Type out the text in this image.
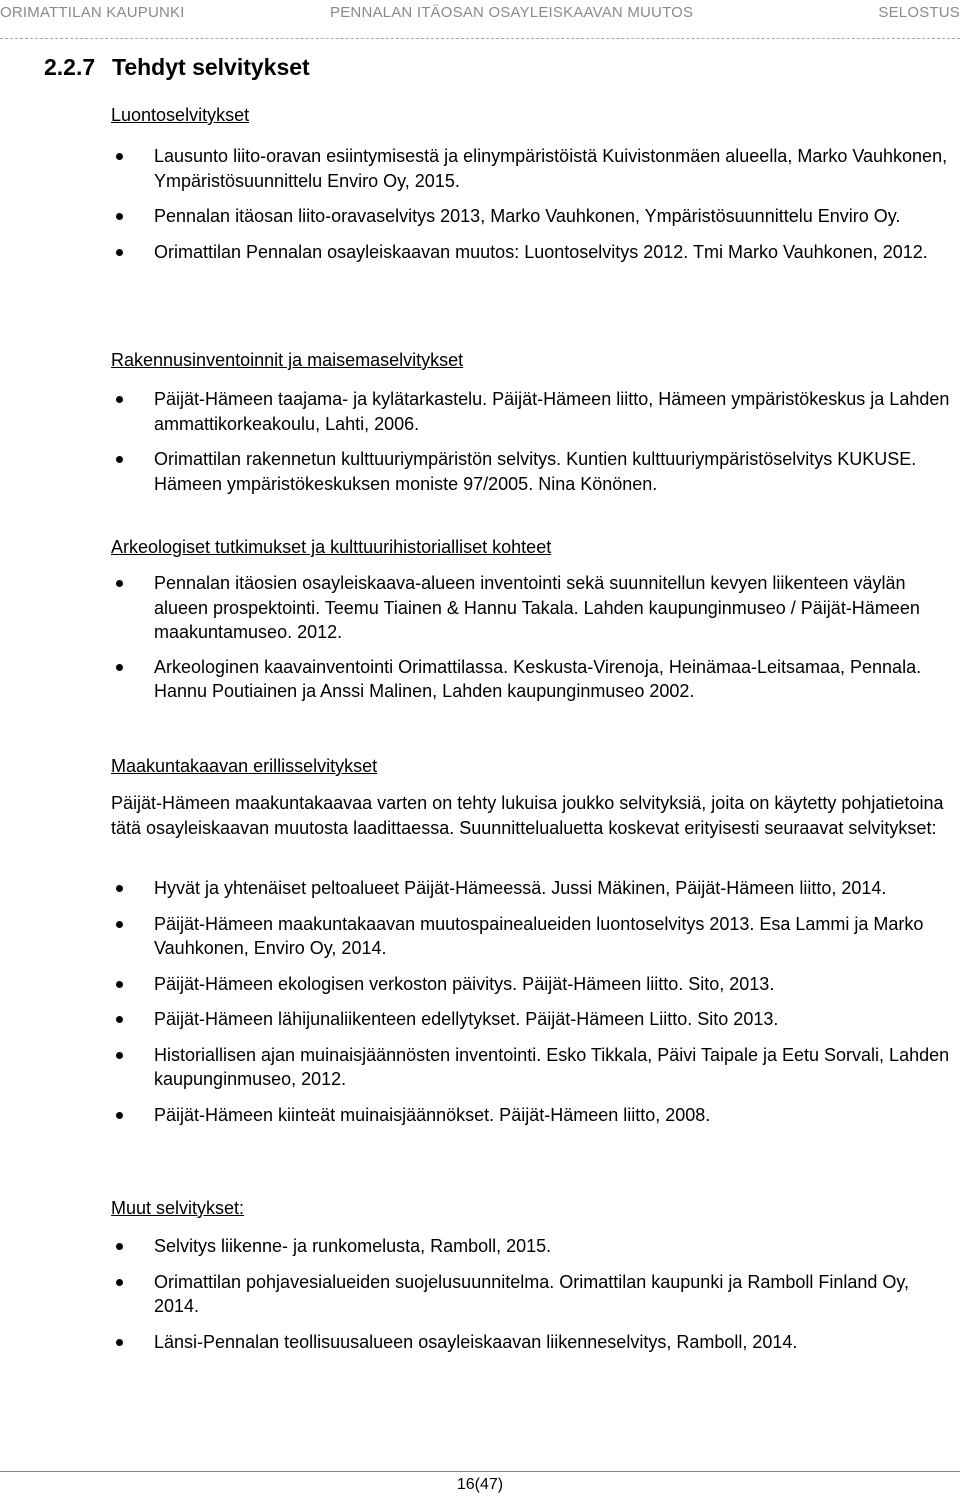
ORIMATTILAN KAUPUNKI	PENNALAN ITÄOSAN OSAYLEISKAAVAN MUUTOS	SELOSTUS
2.2.7 Tehdyt selvitykset
Luontoselvitykset
Lausunto liito-oravan esiintymisestä ja elinympäristöistä Kuivistonmäen alueella, Marko Vauhkonen, Ympäristösuunnittelu Enviro Oy, 2015.
Pennalan itäosan liito-oravaselvitys 2013, Marko Vauhkonen, Ympäristösuunnittelu Enviro Oy.
Orimattilan Pennalan osayleiskaavan muutos: Luontoselvitys 2012. Tmi Marko Vauhkonen, 2012.
Rakennusinventoinnit ja maisemaselvitykset
Päijät-Hämeen taajama- ja kylätarkastelu. Päijät-Hämeen liitto, Hämeen ympäristökeskus ja Lahden ammattikorkeakoulu, Lahti, 2006.
Orimattilan rakennetun kulttuuriympäristön selvitys. Kuntien kulttuuriympäristöselvitys KUKUSE. Hämeen ympäristökeskuksen moniste 97/2005. Nina Könönen.
Arkeologiset tutkimukset ja kulttuurihistorialliset kohteet
Pennalan itäosien osayleiskaava-alueen inventointi sekä suunnitellun kevyen liikenteen väylän alueen prospektointi. Teemu Tiainen & Hannu Takala. Lahden kaupunginmuseo / Päijät-Hämeen maakuntamuseo. 2012.
Arkeologinen kaavainventointi Orimattilassa. Keskusta-Virenoja, Heinämaa-Leitsamaa, Pennala. Hannu Poutiainen ja Anssi Malinen, Lahden kaupunginmuseo 2002.
Maakuntakaavan erillisselvitykset
Päijät-Hämeen maakuntakaavaa varten on tehty lukuisa joukko selvityksiä, joita on käytetty pohjatietoina tätä osayleiskaavan muutosta laadittaessa. Suunnittelualuetta koskevat erityisesti seuraavat selvitykset:
Hyvät ja yhtenäiset peltoalueet Päijät-Hämeessä. Jussi Mäkinen, Päijät-Hämeen liitto, 2014.
Päijät-Hämeen maakuntakaavan muutospainealueiden luontoselvitys 2013. Esa Lammi ja Marko Vauhkonen, Enviro Oy, 2014.
Päijät-Hämeen ekologisen verkoston päivitys. Päijät-Hämeen liitto. Sito, 2013.
Päijät-Hämeen lähijunaliikenteen edellytykset. Päijät-Hämeen Liitto. Sito 2013.
Historiallisen ajan muinaisjäännösten inventointi. Esko Tikkala, Päivi Taipale ja Eetu Sorvali, Lahden kaupunginmuseo, 2012.
Päijät-Hämeen kiinteät muinaisjäännökset. Päijät-Hämeen liitto, 2008.
Muut selvitykset:
Selvitys liikenne- ja runkomelusta, Ramboll, 2015.
Orimattilan pohjavesialueiden suojelusuunnitelma. Orimattilan kaupunki ja Ramboll Finland Oy, 2014.
Länsi-Pennalan teollisuusalueen osayleiskaavan liikenneselvitys, Ramboll, 2014.
16(47)
